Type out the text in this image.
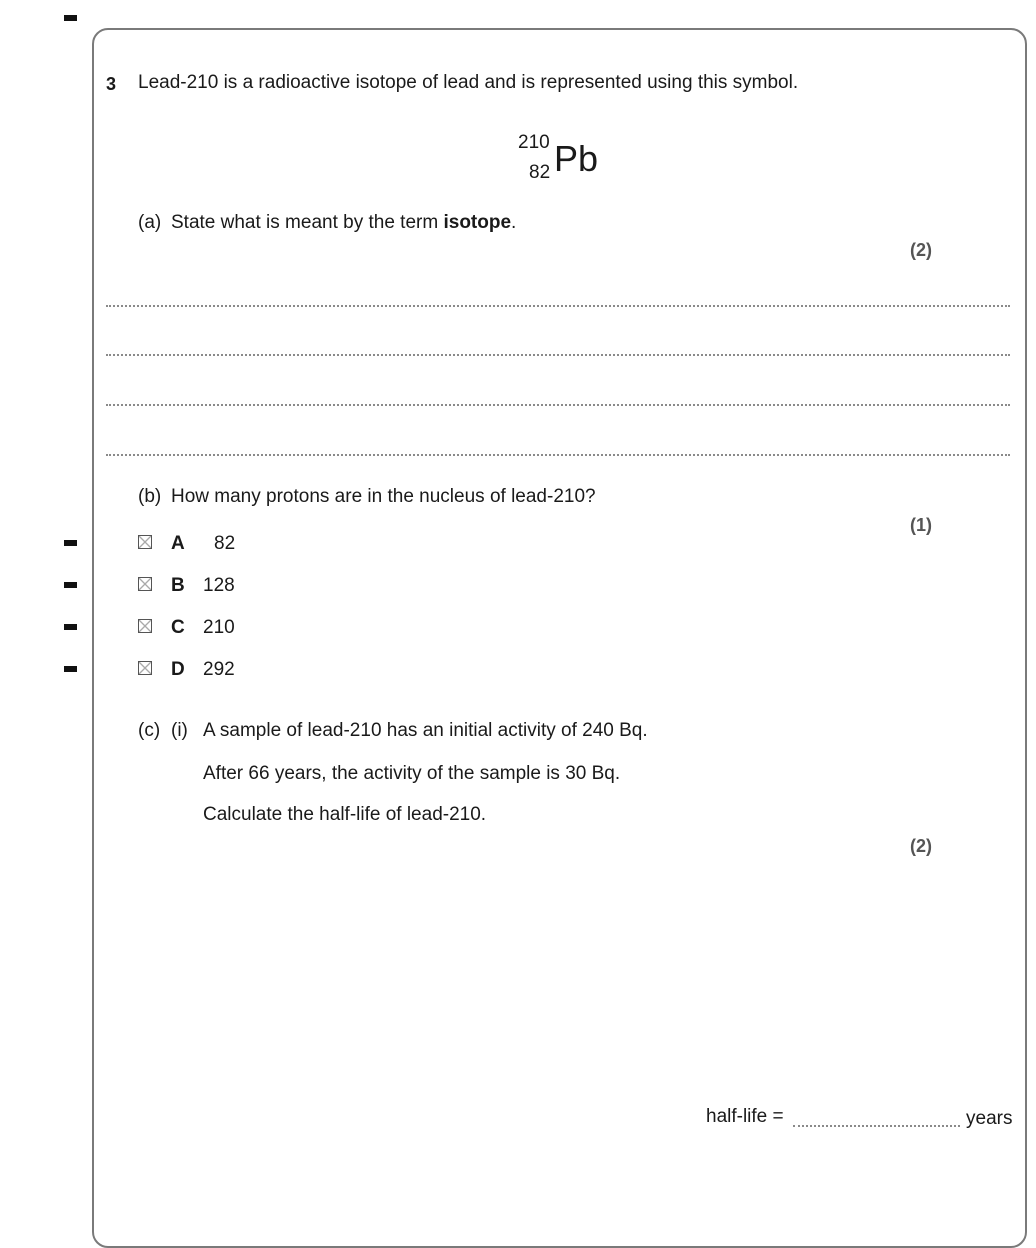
3 Lead-210 is a radioactive isotope of lead and is represented using this symbol.
210
82 Pb
(a) State what is meant by the term isotope.
(2)
(b) How many protons are in the nucleus of lead-210?
(1)
A 82
B 128
C 210
D 292
(c) (i) A sample of lead-210 has an initial activity of 240 Bq.
After 66 years, the activity of the sample is 30 Bq.
Calculate the half-life of lead-210.
(2)
half-life =	years
